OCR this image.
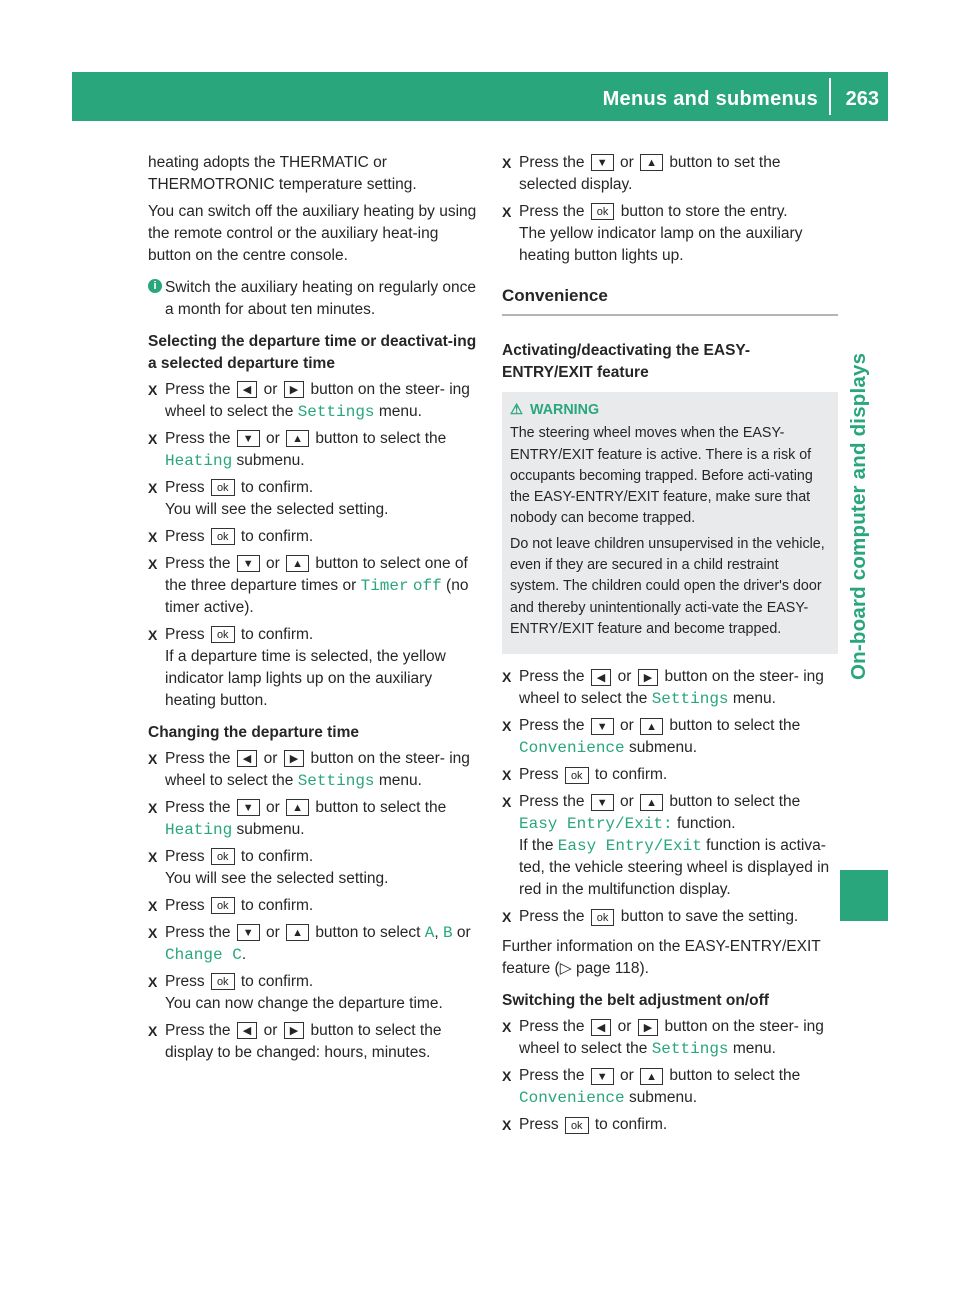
Menus and submenus 263
On-board computer and displays

heating adopts the THERMATIC or THERMOTRONIC temperature setting.

You can switch off the auxiliary heating by using the remote control or the auxiliary heat-ing button on the centre console.

i Switch the auxiliary heating on regularly once a month for about ten minutes.
Selecting the departure time or deactivat-ing a selected departure time
X Press the ◀ or ▶ button on the steer- ing wheel to select the Settings menu.
X Press the ▼ or ▲ button to select the Heating submenu.
X Press ok to confirm.
You will see the selected setting.
X Press ok to confirm.
X Press the ▼ or ▲ button to select one of the three departure times or Timer off (no timer active).
X Press ok to confirm.
If a departure time is selected, the yellow indicator lamp lights up on the auxiliary heating button.
Changing the departure time
X Press the ◀ or ▶ button on the steer- ing wheel to select the Settings menu.
X Press the ▼ or ▲ button to select the Heating submenu.
X Press ok to confirm.
You will see the selected setting.
X Press ok to confirm.
X Press the ▼ or ▲ button to select A, B or Change C.
X Press ok to confirm.
You can now change the departure time.
X Press the ◀ or ▶ button to select the display to be changed: hours, minutes.
X Press the ▼ or ▲ button to set the selected display.
X Press the ok button to store the entry.
The yellow indicator lamp on the auxiliary heating button lights up.
Convenience
Activating/deactivating the EASY-ENTRY/EXIT feature
⚠ WARNING

The steering wheel moves when the EASY-ENTRY/EXIT feature is active. There is a risk of occupants becoming trapped. Before acti-vating the EASY-ENTRY/EXIT feature, make sure that nobody can become trapped.

Do not leave children unsupervised in the vehicle, even if they are secured in a child restraint system. The children could open the driver's door and thereby unintentionally acti-vate the EASY-ENTRY/EXIT feature and become trapped.

X Press the ◀ or ▶ button on the steer- ing wheel to select the Settings menu.
X Press the ▼ or ▲ button to select the Convenience submenu.
X Press ok to confirm.
X Press the ▼ or ▲ button to select the Easy Entry/Exit: function.
If the Easy Entry/Exit function is activa-ted, the vehicle steering wheel is displayed in red in the multifunction display.
X Press the ok button to save the setting.

Further information on the EASY-ENTRY/EXIT feature (▷ page 118).

Switching the belt adjustment on/off
X Press the ◀ or ▶ button on the steer- ing wheel to select the Settings menu.
X Press the ▼ or ▲ button to select the Convenience submenu.
X Press ok to confirm.
